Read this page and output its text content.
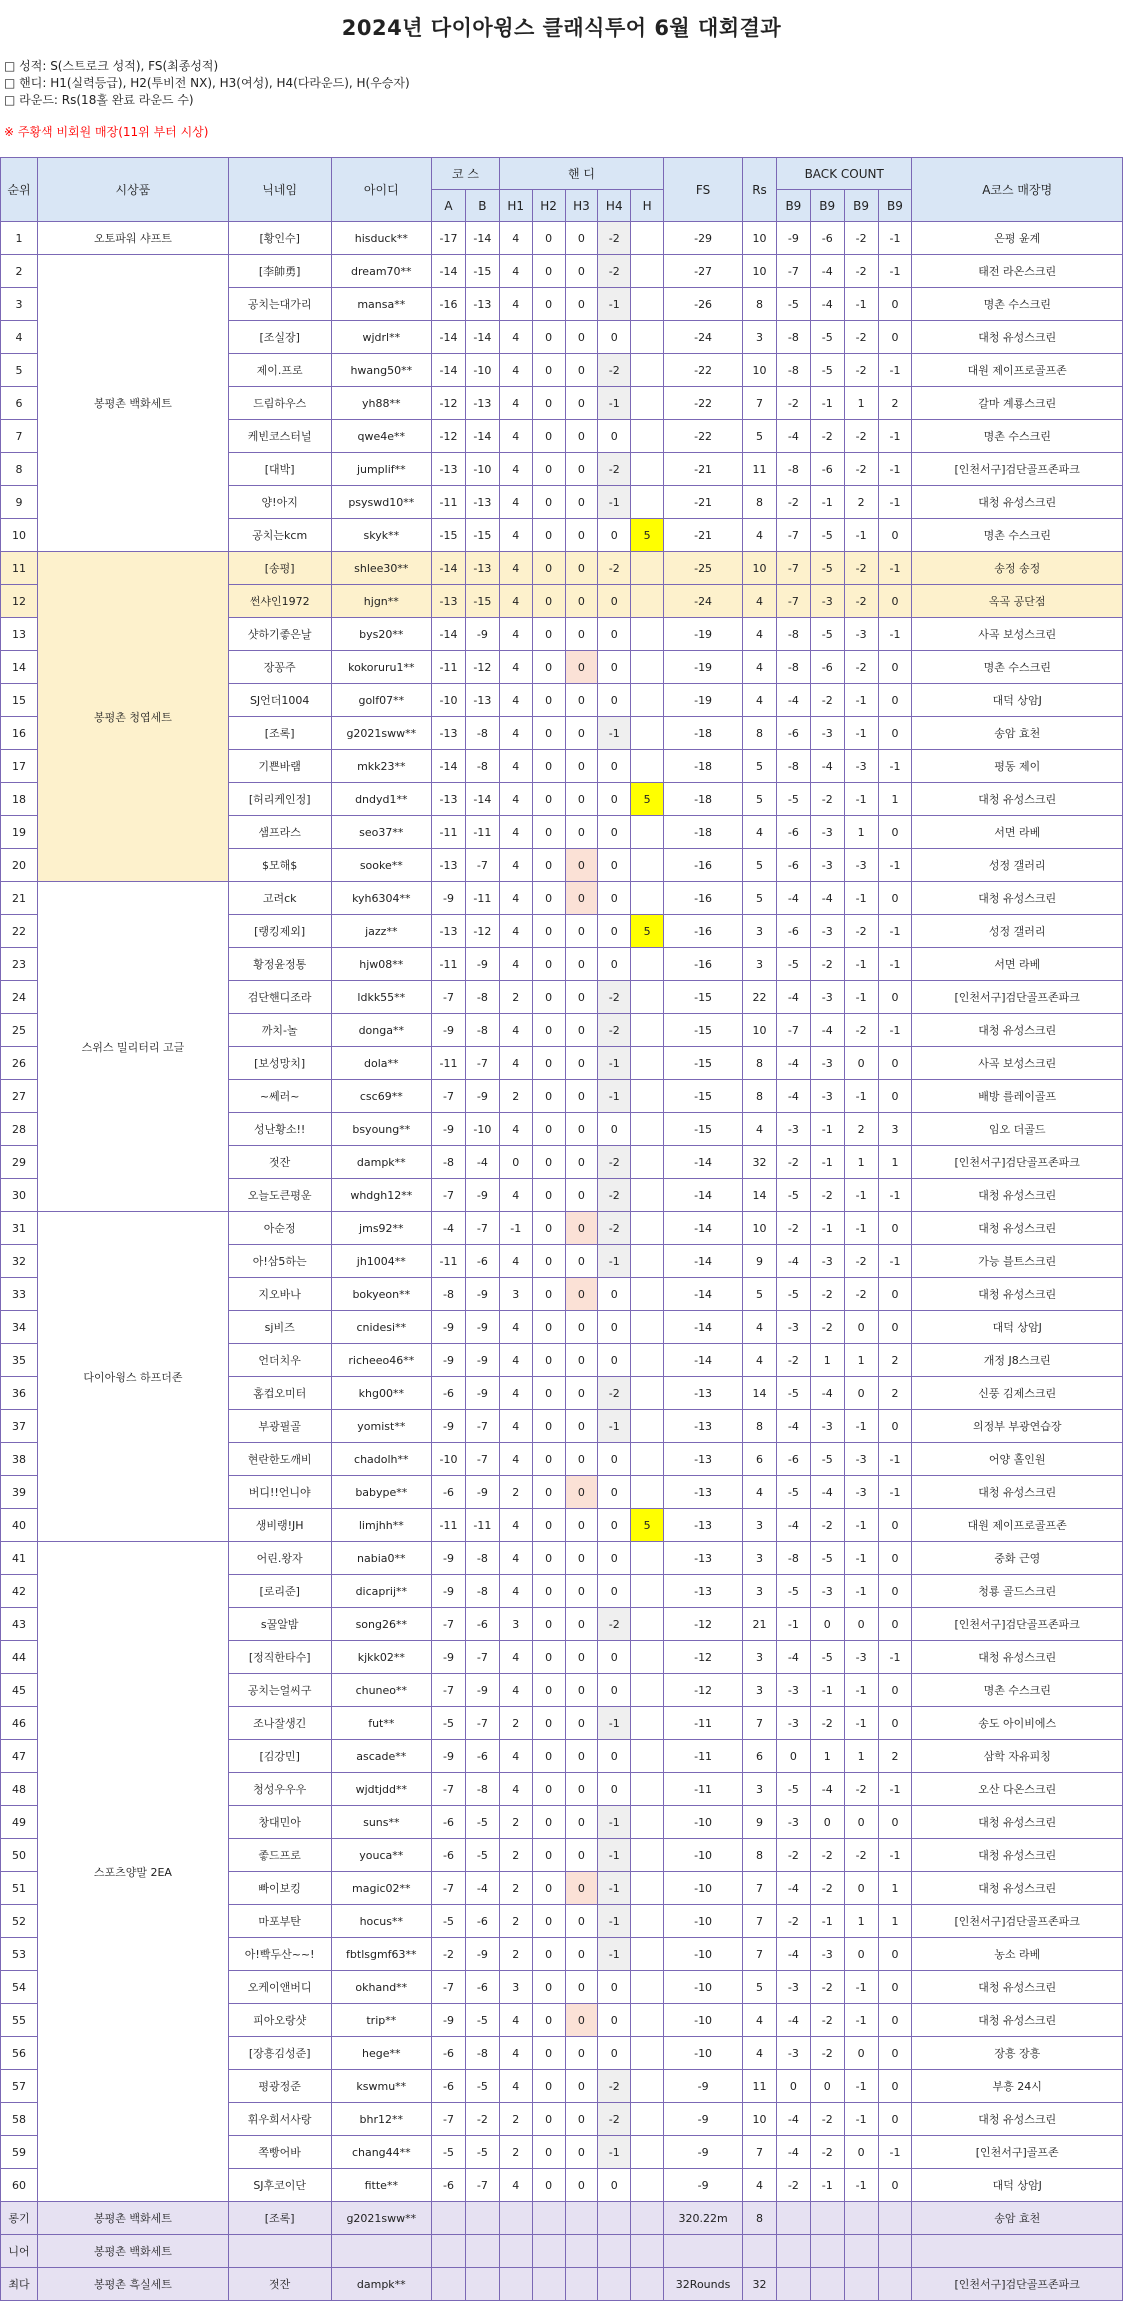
2024년 다이아윙스 클래식투어 6월 대회결과
□ 성적: S(스트로크 성적), FS(최종성적)
□ 핸디: H1(실력등급), H2(투비전 NX), H3(여성), H4(다라운드), H(우승자)
□ 라운드: Rs(18홀 완료 라운드 수)
※ 주황색 비회원 매장(11위 부터 시상)
순위	시상품	닉네임	아이디	코 스		핸 디					FS	Rs	BACK COUNT				A코스 매장명
				A	B	H1	H2	H3	H4	H			B9	B9	B9	B9	
1	오토파워 샤프트	[황인수]	hisduck**	-17	-14	4	0	0	-2		-29	10	-9	-6	-2	-1	은평 윤계
2	봉평촌 백화세트	[李帥勇]	dream70**	-14	-15	4	0	0	-2		-27	10	-7	-4	-2	-1	태전 라온스크린
3		공치는대가리	mansa**	-16	-13	4	0	0	-1		-26	8	-5	-4	-1	0	명촌 수스크린
4		[조실장]	wjdrl**	-14	-14	4	0	0	0		-24	3	-8	-5	-2	0	대청 유성스크린
5		제이.프로	hwang50**	-14	-10	4	0	0	-2		-22	10	-8	-5	-2	-1	대원 제이프로골프존
6		드림하우스	yh88**	-12	-13	4	0	0	-1		-22	7	-2	-1	1	2	갈마 계룡스크린
7		케빈코스터널	qwe4e**	-12	-14	4	0	0	0		-22	5	-4	-2	-2	-1	명촌 수스크린
8		[대박]	jumplif**	-13	-10	4	0	0	-2		-21	11	-8	-6	-2	-1	[인천서구]검단골프존파크
9		양!아지	psyswd10**	-11	-13	4	0	0	-1		-21	8	-2	-1	2	-1	대청 유성스크린
10		공치는kcm	skyk**	-15	-15	4	0	0	0	5	-21	4	-7	-5	-1	0	명촌 수스크린
11	봉평촌 청엽세트	[송평]	shlee30**	-14	-13	4	0	0	-2		-25	10	-7	-5	-2	-1	송정 송정
12		썬샤인1972	hjgn**	-13	-15	4	0	0	0		-24	4	-7	-3	-2	0	옥곡 공단점
13		샷하기좋은날	bys20**	-14	-9	4	0	0	0		-19	4	-8	-5	-3	-1	사곡 보성스크린
14		장꽁주	kokoruru1**	-11	-12	4	0	0	0		-19	4	-8	-6	-2	0	명촌 수스크린
15		SJ언더1004	golf07**	-10	-13	4	0	0	0		-19	4	-4	-2	-1	0	대덕 상암J
16		[조록]	g2021sww**	-13	-8	4	0	0	-1		-18	8	-6	-3	-1	0	송암 효천
17		기쁜바램	mkk23**	-14	-8	4	0	0	0		-18	5	-8	-4	-3	-1	평동 제이
18		[허리케인정]	dndyd1**	-13	-14	4	0	0	0	5	-18	5	-5	-2	-1	1	대청 유성스크린
19		샘프라스	seo37**	-11	-11	4	0	0	0		-18	4	-6	-3	1	0	서면 라베
20		$모해$	sooke**	-13	-7	4	0	0	0		-16	5	-6	-3	-3	-1	성정 갤러리
21	스위스 밀리터리 고글	고려ck	kyh6304**	-9	-11	4	0	0	0		-16	5	-4	-4	-1	0	대청 유성스크린
22		[랭킹제외]	jazz**	-13	-12	4	0	0	0	5	-16	3	-6	-3	-2	-1	성정 갤러리
23		황정윤정통	hjw08**	-11	-9	4	0	0	0		-16	3	-5	-2	-1	-1	서면 라베
24		검단핸디조라	ldkk55**	-7	-8	2	0	0	-2		-15	22	-4	-3	-1	0	[인천서구]검단골프존파크
25		까치-놀	donga**	-9	-8	4	0	0	-2		-15	10	-7	-4	-2	-1	대청 유성스크린
26		[보성망치]	dola**	-11	-7	4	0	0	-1		-15	8	-4	-3	0	0	사곡 보성스크린
27		~쎄러~	csc69**	-7	-9	2	0	0	-1		-15	8	-4	-3	-1	0	배방 를레이골프
28		성난황소!!	bsyoung**	-9	-10	4	0	0	0		-15	4	-3	-1	2	3	임오 더골드
29		젓잔	dampk**	-8	-4	0	0	0	-2		-14	32	-2	-1	1	1	[인천서구]검단골프존파크
30		오늘도큰평운	whdgh12**	-7	-9	4	0	0	-2		-14	14	-5	-2	-1	-1	대청 유성스크린
31	다이아윙스 하프더존	아순정	jms92**	-4	-7	-1	0	0	-2		-14	10	-2	-1	-1	0	대청 유성스크린
32		아!삼5하는	jh1004**	-11	-6	4	0	0	-1		-14	9	-4	-3	-2	-1	가능 블트스크린
33		지오바나	bokyeon**	-8	-9	3	0	0	0		-14	5	-5	-2	-2	0	대청 유성스크린
34		sj비즈	cnidesi**	-9	-9	4	0	0	0		-14	4	-3	-2	0	0	대덕 상암J
35		언더치우	richeeo46**	-9	-9	4	0	0	0		-14	4	-2	1	1	2	개정 J8스크린
36		홈컵오미터	khg00**	-6	-9	4	0	0	-2		-13	14	-5	-4	0	2	신풍 김제스크린
37		부광필골	yomist**	-9	-7	4	0	0	-1		-13	8	-4	-3	-1	0	의정부 부광연습장
38		현란한도깨비	chadolh**	-10	-7	4	0	0	0		-13	6	-6	-5	-3	-1	어양 홀인원
39		버디!!언니야	babype**	-6	-9	2	0	0	0		-13	4	-5	-4	-3	-1	대청 유성스크린
40		생비랭!JH	limjhh**	-11	-11	4	0	0	0	5	-13	3	-4	-2	-1	0	대원 제이프로골프존
41	스포츠양말 2EA	어린.왕자	nabia0**	-9	-8	4	0	0	0		-13	3	-8	-5	-1	0	중화 근영
42		[로리준]	dicaprij**	-9	-8	4	0	0	0		-13	3	-5	-3	-1	0	청룡 골드스크린
43		s꿀알밤	song26**	-7	-6	3	0	0	-2		-12	21	-1	0	0	0	[인천서구]검단골프존파크
44		[정직한타수]	kjkk02**	-9	-7	4	0	0	0		-12	3	-4	-5	-3	-1	대청 유성스크린
45		공치는얼씨구	chuneo**	-7	-9	4	0	0	0		-12	3	-3	-1	-1	0	명촌 수스크린
46		조나잘생긴	fut**	-5	-7	2	0	0	-1		-11	7	-3	-2	-1	0	송도 아이비에스
47		[김강민]	ascade**	-9	-6	4	0	0	0		-11	6	0	1	1	2	삼학 자유피칭
48		청성우우우	wjdtjdd**	-7	-8	4	0	0	0		-11	3	-5	-4	-2	-1	오산 다온스크린
49		창대민아	suns**	-6	-5	2	0	0	-1		-10	9	-3	0	0	0	대청 유성스크린
50		좋드프로	youca**	-6	-5	2	0	0	-1		-10	8	-2	-2	-2	-1	대청 유성스크린
51		빠이보킹	magic02**	-7	-4	2	0	0	-1		-10	7	-4	-2	0	1	대청 유성스크린
52		마포부탄	hocus**	-5	-6	2	0	0	-1		-10	7	-2	-1	1	1	[인천서구]검단골프존파크
53		아!빡두산~~!	fbtlsgmf63**	-2	-9	2	0	0	-1		-10	7	-4	-3	0	0	농소 라베
54		오케이앤버디	okhand**	-7	-6	3	0	0	0		-10	5	-3	-2	-1	0	대청 유성스크린
55		피아오랑샷	trip**	-9	-5	4	0	0	0		-10	4	-4	-2	-1	0	대청 유성스크린
56		[장흥김성준]	hege**	-6	-8	4	0	0	0		-10	4	-3	-2	0	0	장흥 장흥
57		평광정준	kswmu**	-6	-5	4	0	0	-2		-9	11	0	0	-1	0	부흥 24시
58		휘우희서사랑	bhr12**	-7	-2	2	0	0	-2		-9	10	-4	-2	-1	0	대청 유성스크린
59		쪽빵어바	chang44**	-5	-5	2	0	0	-1		-9	7	-4	-2	0	-1	[인천서구]골프존
60		SJ후코이단	fitte**	-6	-7	4	0	0	0		-9	4	-2	-1	-1	0	대덕 상암J
롱기	봉평촌 백화세트	[조록]	g2021sww**								320.22m	8					송암 효천
니어	봉평촌 백화세트																
최다	봉평촌 흑실세트	젓잔	dampk**								32Rounds	32					[인천서구]검단골프존파크
